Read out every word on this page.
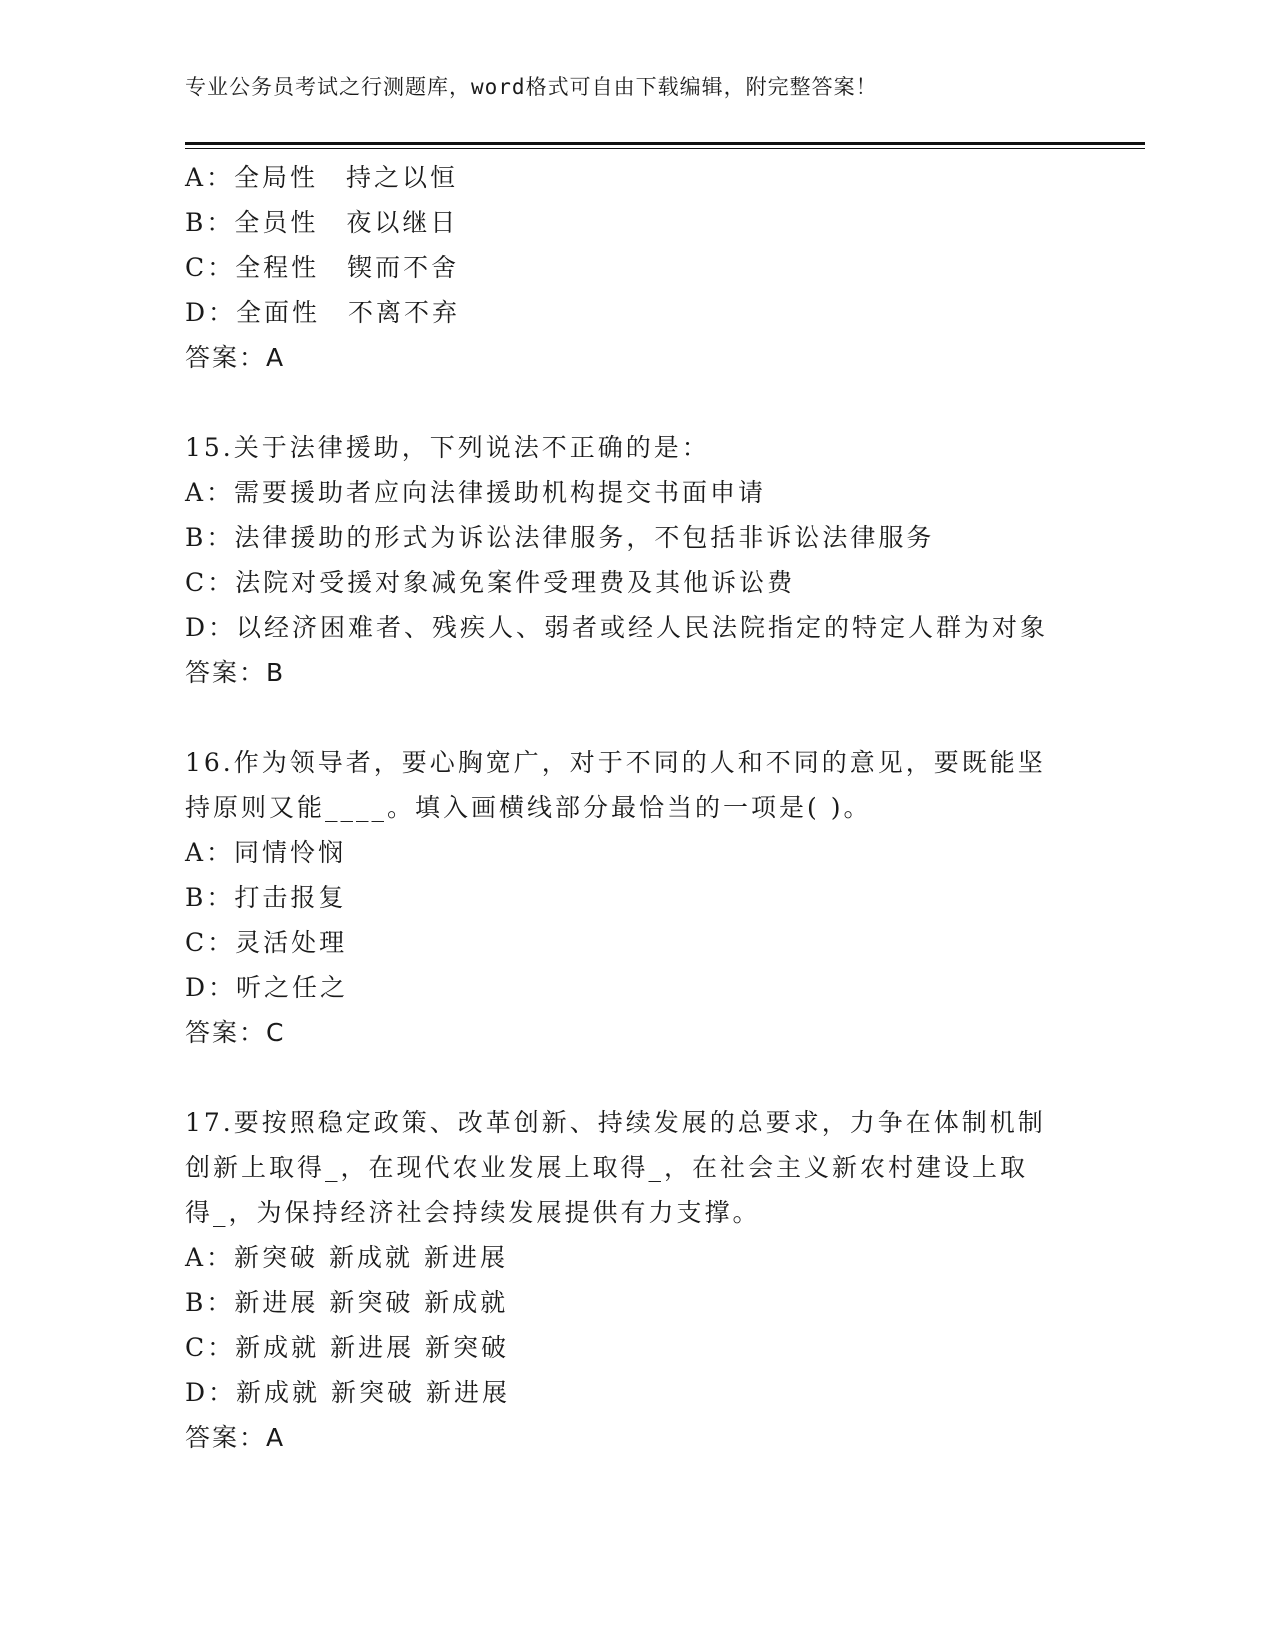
专业公务员考试之行测题库，word格式可自由下载编辑，附完整答案！
A：全局性　持之以恒
B：全员性　夜以继日
C：全程性　锲而不舍
D：全面性　不离不弃
答案：A
15.关于法律援助，下列说法不正确的是：
A：需要援助者应向法律援助机构提交书面申请
B：法律援助的形式为诉讼法律服务，不包括非诉讼法律服务
C：法院对受援对象减免案件受理费及其他诉讼费
D：以经济困难者、残疾人、弱者或经人民法院指定的特定人群为对象
答案：B
16.作为领导者，要心胸宽广，对于不同的人和不同的意见，要既能坚
持原则又能____。填入画横线部分最恰当的一项是( )。
A：同情怜悯
B：打击报复
C：灵活处理
D：听之任之
答案：C
17.要按照稳定政策、改革创新、持续发展的总要求，力争在体制机制
创新上取得_，在现代农业发展上取得_，在社会主义新农村建设上取
得_，为保持经济社会持续发展提供有力支撑。
A：新突破 新成就 新进展
B：新进展 新突破 新成就
C：新成就 新进展 新突破
D：新成就 新突破 新进展
答案：A
